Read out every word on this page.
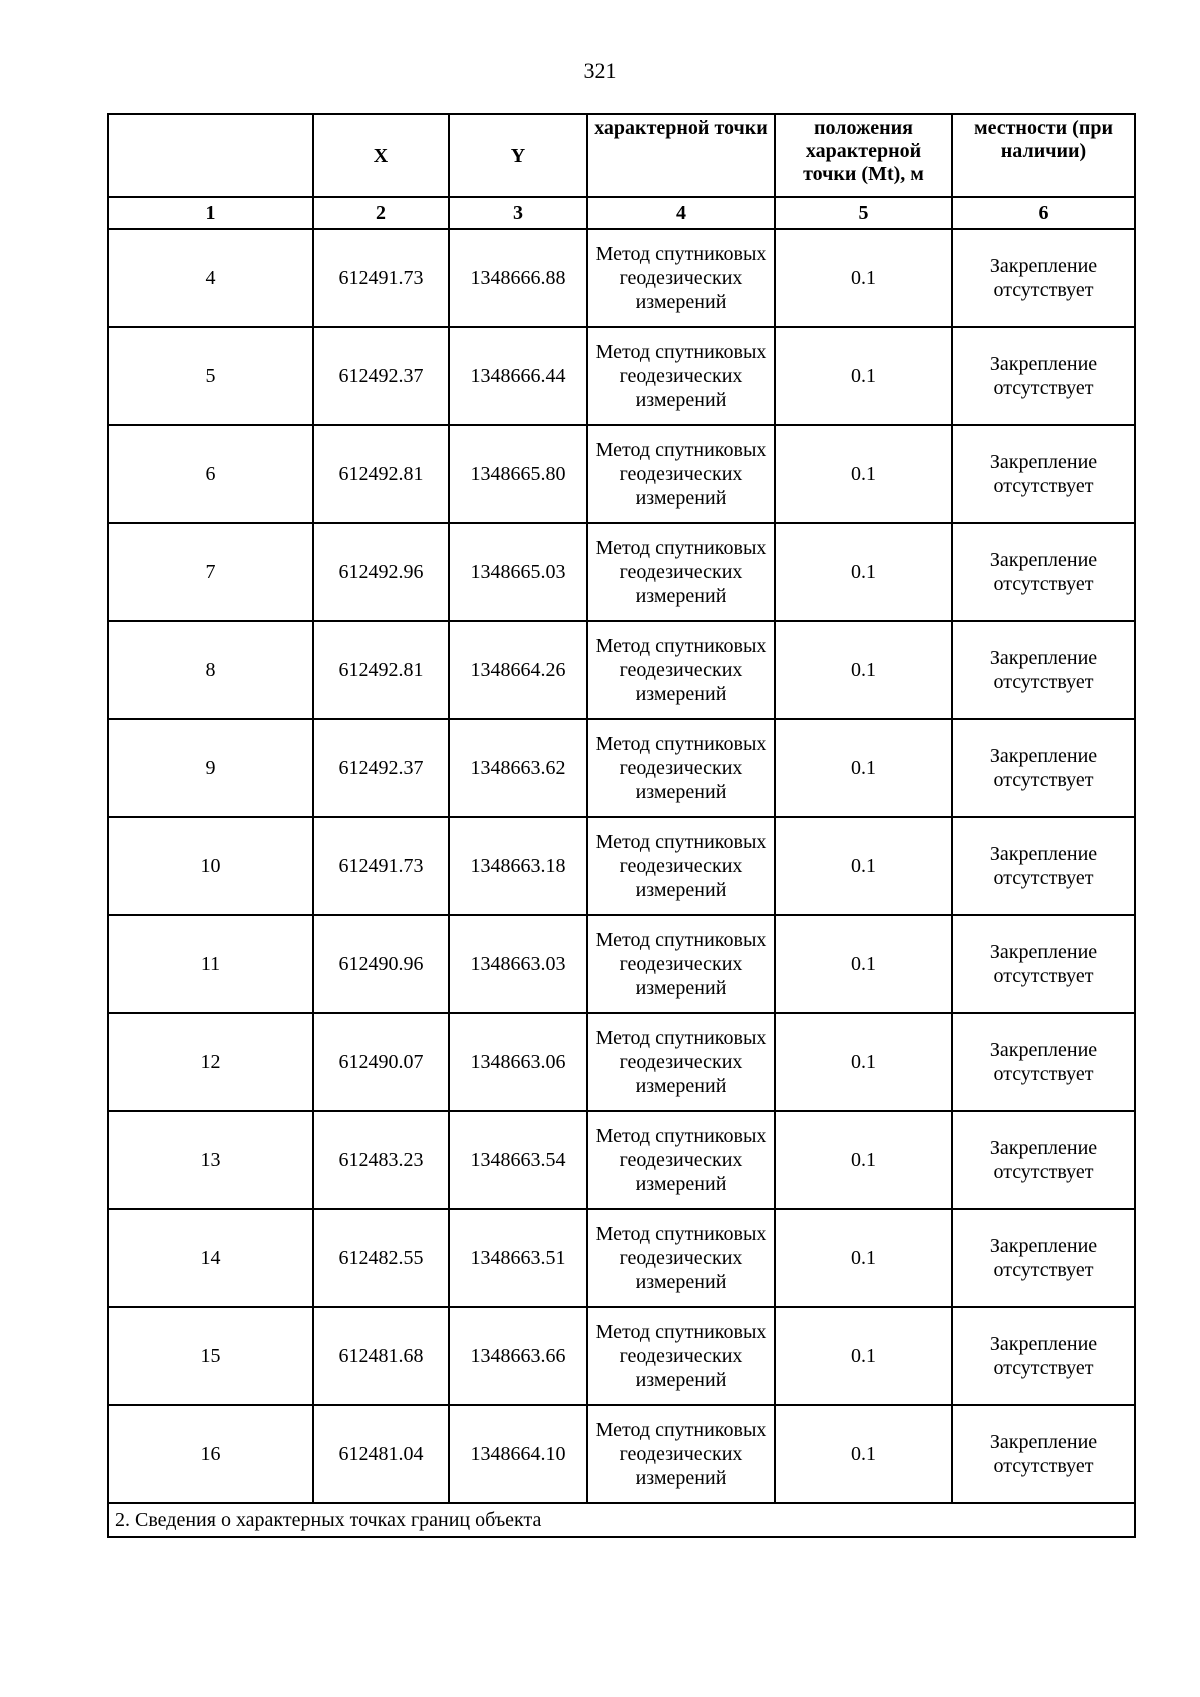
321
	X	Y	характерной точки	положения характерной точки (Mt), м	местности (при наличии)
1	2	3	4	5	6
4	612491.73	1348666.88	Метод спутниковых геодезических измерений	0.1	Закрепление отсутствует
5	612492.37	1348666.44	Метод спутниковых геодезических измерений	0.1	Закрепление отсутствует
6	612492.81	1348665.80	Метод спутниковых геодезических измерений	0.1	Закрепление отсутствует
7	612492.96	1348665.03	Метод спутниковых геодезических измерений	0.1	Закрепление отсутствует
8	612492.81	1348664.26	Метод спутниковых геодезических измерений	0.1	Закрепление отсутствует
9	612492.37	1348663.62	Метод спутниковых геодезических измерений	0.1	Закрепление отсутствует
10	612491.73	1348663.18	Метод спутниковых геодезических измерений	0.1	Закрепление отсутствует
11	612490.96	1348663.03	Метод спутниковых геодезических измерений	0.1	Закрепление отсутствует
12	612490.07	1348663.06	Метод спутниковых геодезических измерений	0.1	Закрепление отсутствует
13	612483.23	1348663.54	Метод спутниковых геодезических измерений	0.1	Закрепление отсутствует
14	612482.55	1348663.51	Метод спутниковых геодезических измерений	0.1	Закрепление отсутствует
15	612481.68	1348663.66	Метод спутниковых геодезических измерений	0.1	Закрепление отсутствует
16	612481.04	1348664.10	Метод спутниковых геодезических измерений	0.1	Закрепление отсутствует
2. Сведения о характерных точках границ объекта					
